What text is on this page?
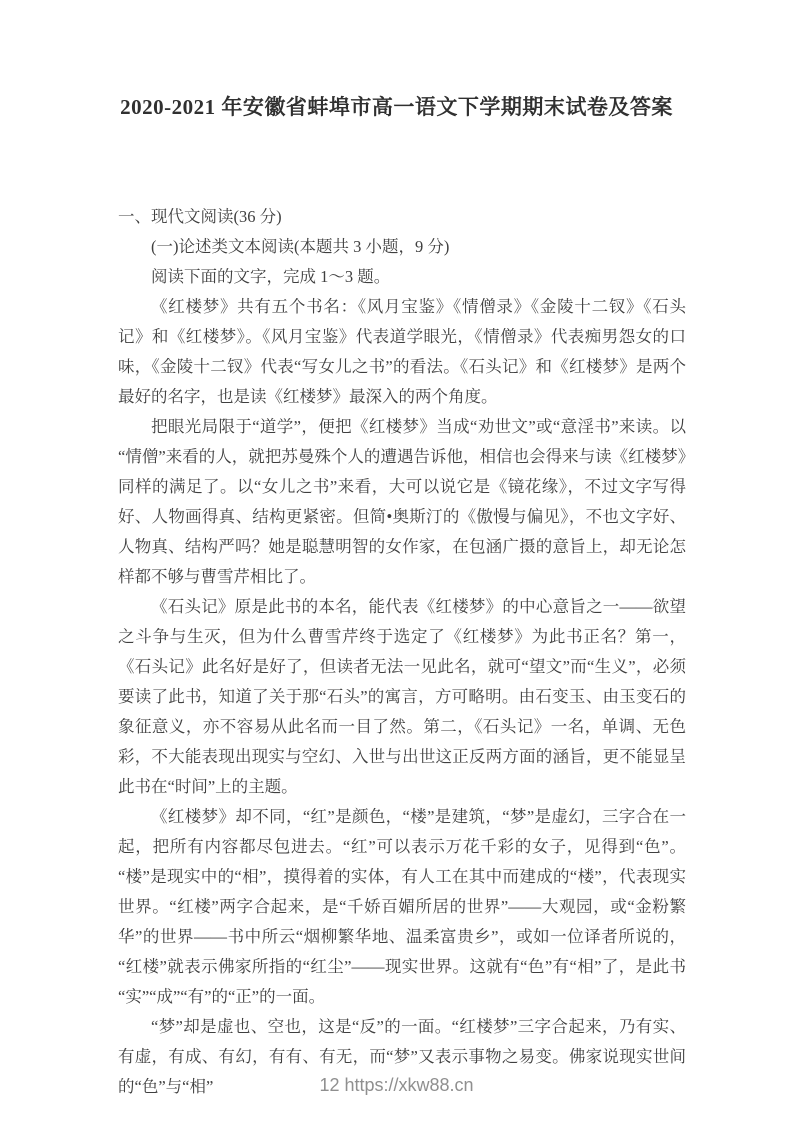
2020-2021 年安徽省蚌埠市高一语文下学期期末试卷及答案
一、现代文阅读(36 分)
(一)论述类文本阅读(本题共 3 小题，9 分)
阅读下面的文字，完成 1～3 题。

《红楼梦》共有五个书名：《风月宝鉴》《情僧录》《金陵十二钗》《石头记》和《红楼梦》。《风月宝鉴》代表道学眼光，《情僧录》代表痴男怨女的口味，《金陵十二钗》代表“写女儿之书”的看法。《石头记》和《红楼梦》是两个最好的名字，也是读《红楼梦》最深入的两个角度。

把眼光局限于“道学”，便把《红楼梦》当成“劝世文”或“意淫书”来读。以“情僧”来看的人，就把苏曼殊个人的遭遇告诉他，相信也会得来与读《红楼梦》同样的满足了。以“女儿之书”来看，大可以说它是《镜花缘》，不过文字写得好、人物画得真、结构更紧密。但简•奥斯汀的《傲慢与偏见》，不也文字好、人物真、结构严吗？她是聪慧明智的女作家，在包涵广摄的意旨上，却无论怎样都不够与曹雪芹相比了。

《石头记》原是此书的本名，能代表《红楼梦》的中心意旨之一——欲望之斗争与生灭，但为什么曹雪芹终于选定了《红楼梦》为此书正名？第一，《石头记》此名好是好了，但读者无法一见此名，就可“望文”而“生义”，必须要读了此书，知道了关于那“石头”的寓言，方可略明。由石变玉、由玉变石的象征意义，亦不容易从此名而一目了然。第二，《石头记》一名，单调、无色彩，不大能表现出现实与空幻、入世与出世这正反两方面的涵旨，更不能显呈此书在“时间”上的主题。

《红楼梦》却不同，“红”是颜色，“楼”是建筑，“梦”是虚幻，三字合在一起，把所有内容都尽包进去。“红”可以表示万花千彩的女子，见得到“色”。“楼”是现实中的“相”，摸得着的实体，有人工在其中而建成的“楼”，代表现实世界。“红楼”两字合起来，是“千娇百媚所居的世界”——大观园，或“金粉繁华”的世界——书中所云“烟柳繁华地、温柔富贵乡”，或如一位译者所说的，“红楼”就表示佛家所指的“红尘”——现实世界。这就有“色”有“相”了，是此书“实”“成”“有”的“正”的一面。

“梦”却是虚也、空也，这是“反”的一面。“红楼梦”三字合起来，乃有实、有虚，有成、有幻，有有、有无，而“梦”又表示事物之易变。佛家说现实世间的“色”与“相”	12 https://xkw88.cn
